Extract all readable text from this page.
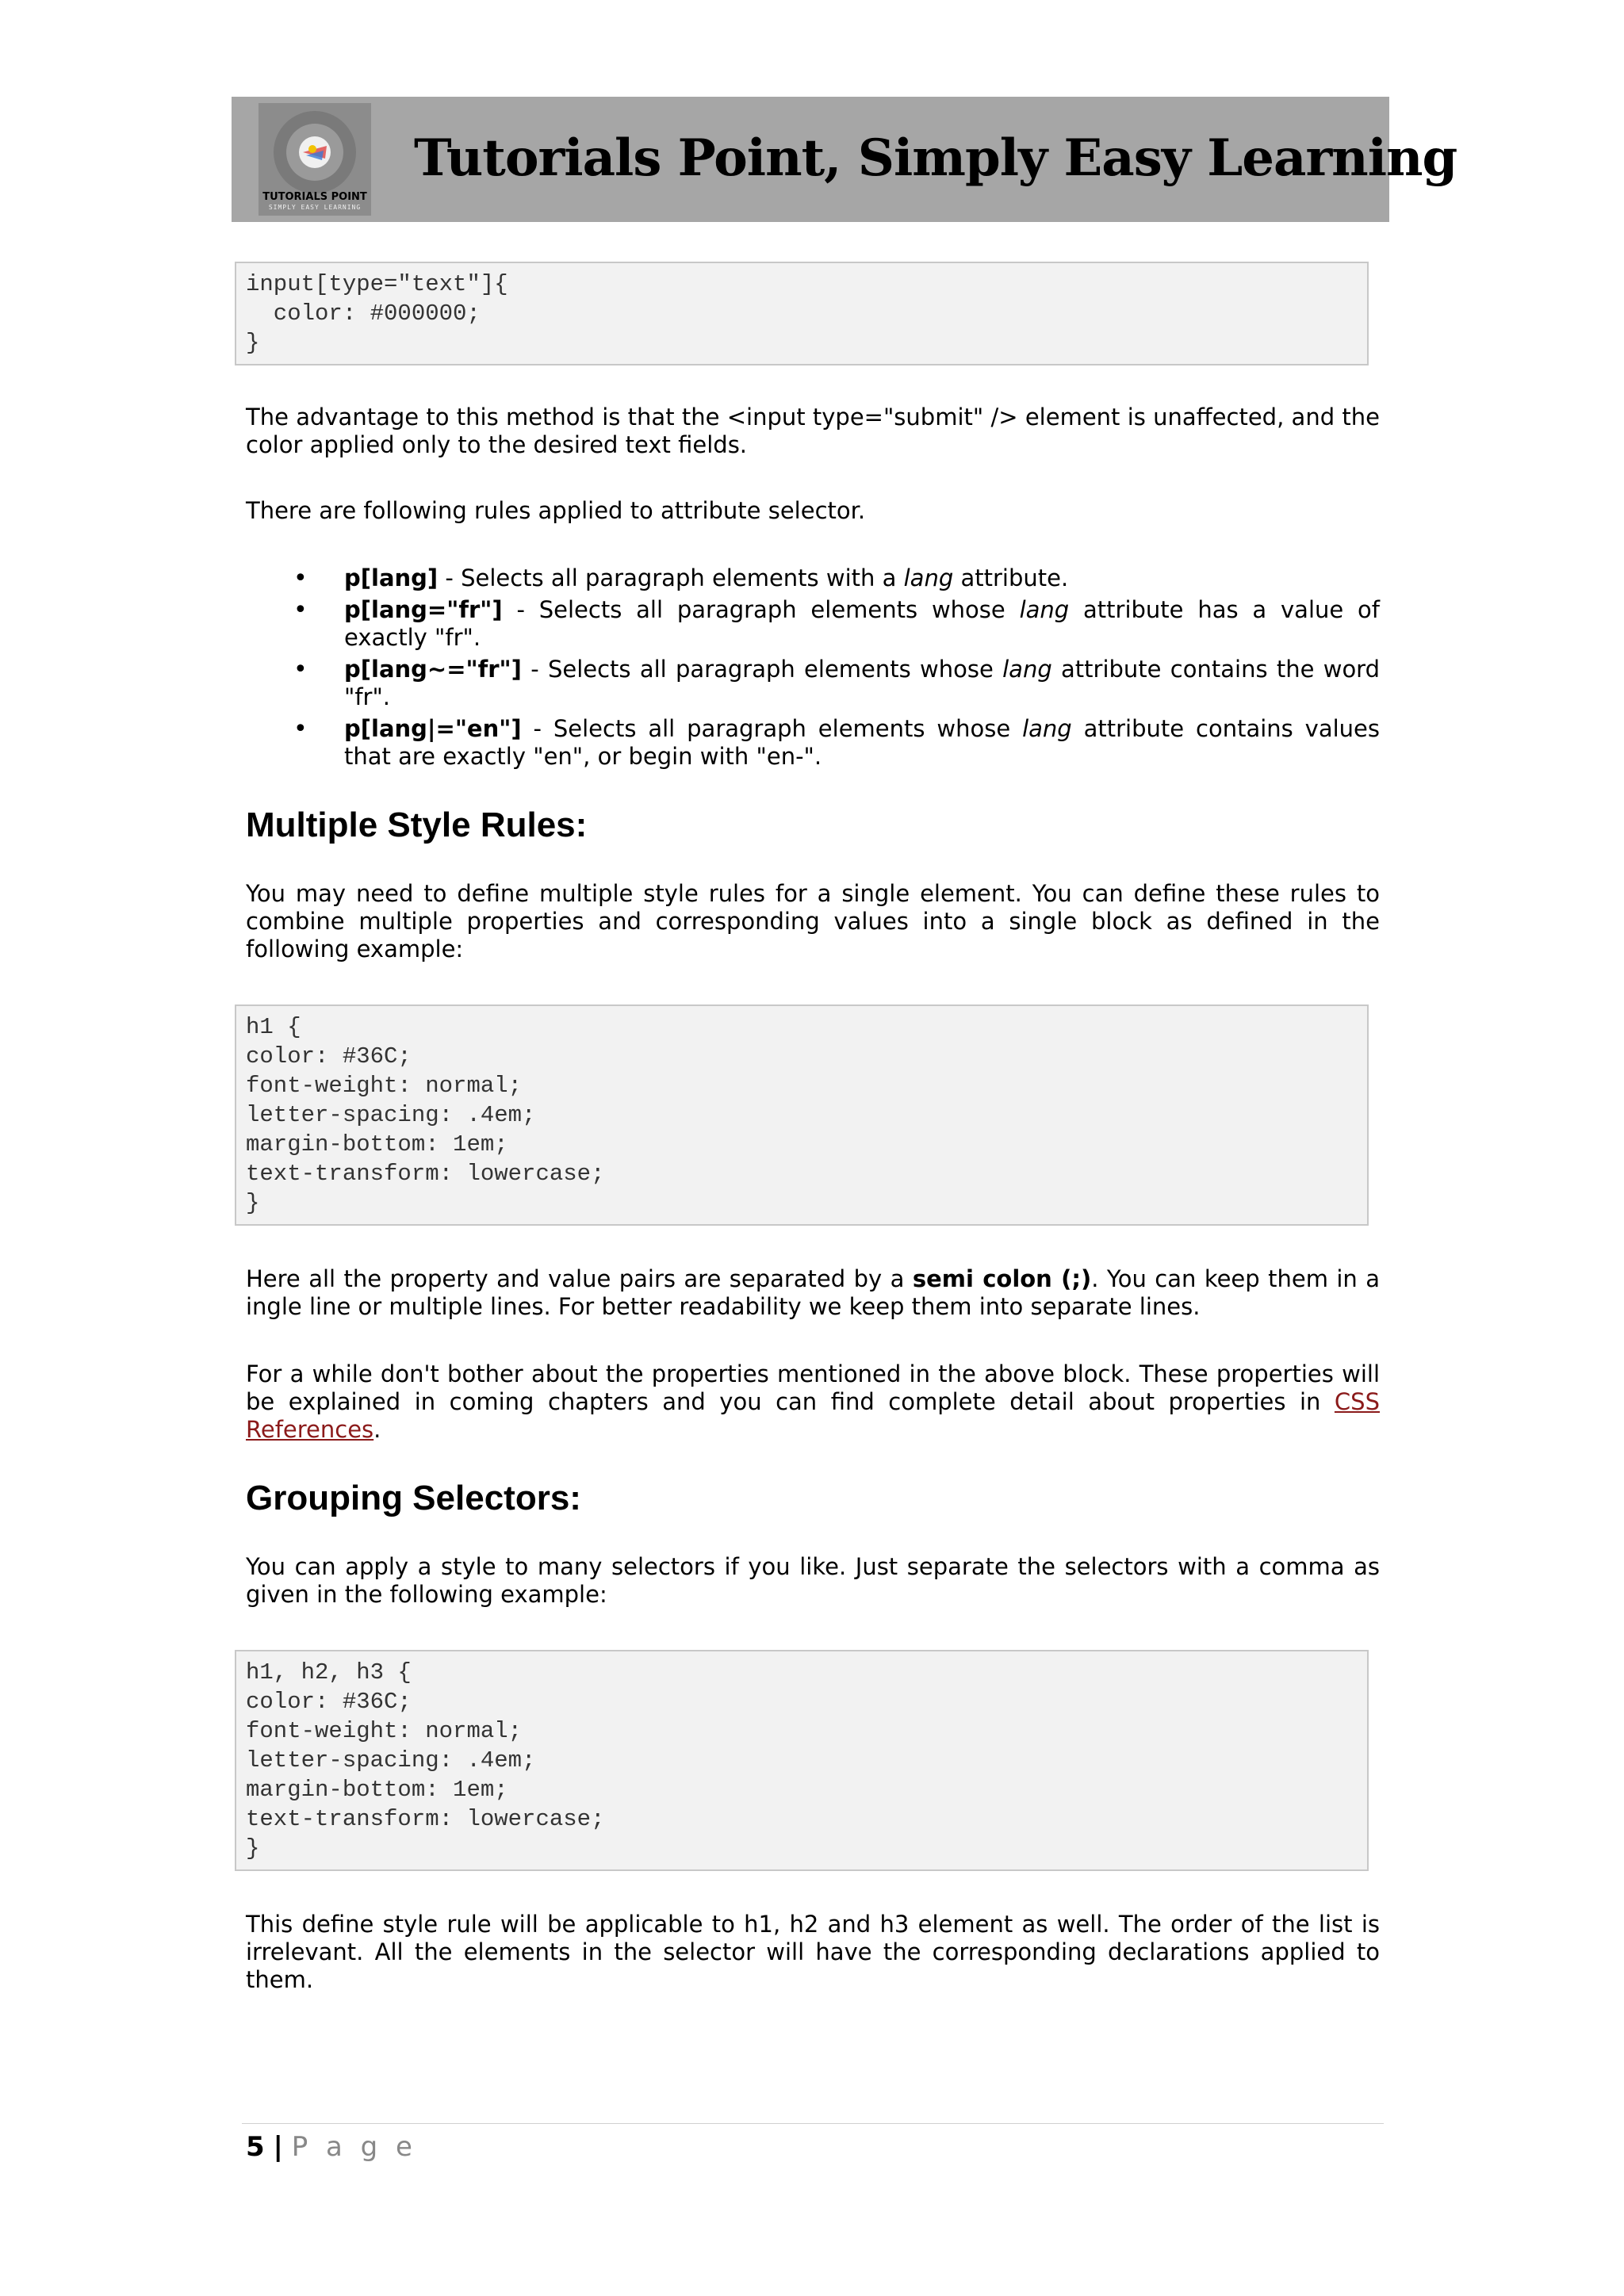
TUTORIALS POINT
SIMPLY EASY LEARNING
Tutorials Point, Simply Easy Learning
input[type="text"]{
color: #000000;
}

The advantage to this method is that the <input type="submit" /> element is unaffected, and the color applied only to the desired text fields.

There are following rules applied to attribute selector.

• p[lang] - Selects all paragraph elements with a lang attribute.
• p[lang="fr"] - Selects all paragraph elements whose lang attribute has a value of exactly "fr".
• p[lang~="fr"] - Selects all paragraph elements whose lang attribute contains the word "fr".
• p[lang|="en"] - Selects all paragraph elements whose lang attribute contains values that are exactly "en", or begin with "en-".
Multiple Style Rules:

You may need to define multiple style rules for a single element. You can define these rules to combine multiple properties and corresponding values into a single block as defined in the following example:

h1 {
color: #36C;
font-weight: normal;
letter-spacing: .4em;
margin-bottom: 1em;
text-transform: lowercase;
}

Here all the property and value pairs are separated by a semi colon (;). You can keep them in a ingle line or multiple lines. For better readability we keep them into separate lines.

For a while don't bother about the properties mentioned in the above block. These properties will be explained in coming chapters and you can find complete detail about properties in CSS References.

Grouping Selectors:

You can apply a style to many selectors if you like. Just separate the selectors with a comma as given in the following example:

h1, h2, h3 {
color: #36C;
font-weight: normal;
letter-spacing: .4em;
margin-bottom: 1em;
text-transform: lowercase;
}

This define style rule will be applicable to h1, h2 and h3 element as well. The order of the list is irrelevant. All the elements in the selector will have the corresponding declarations applied to them.

5 | P a g e
